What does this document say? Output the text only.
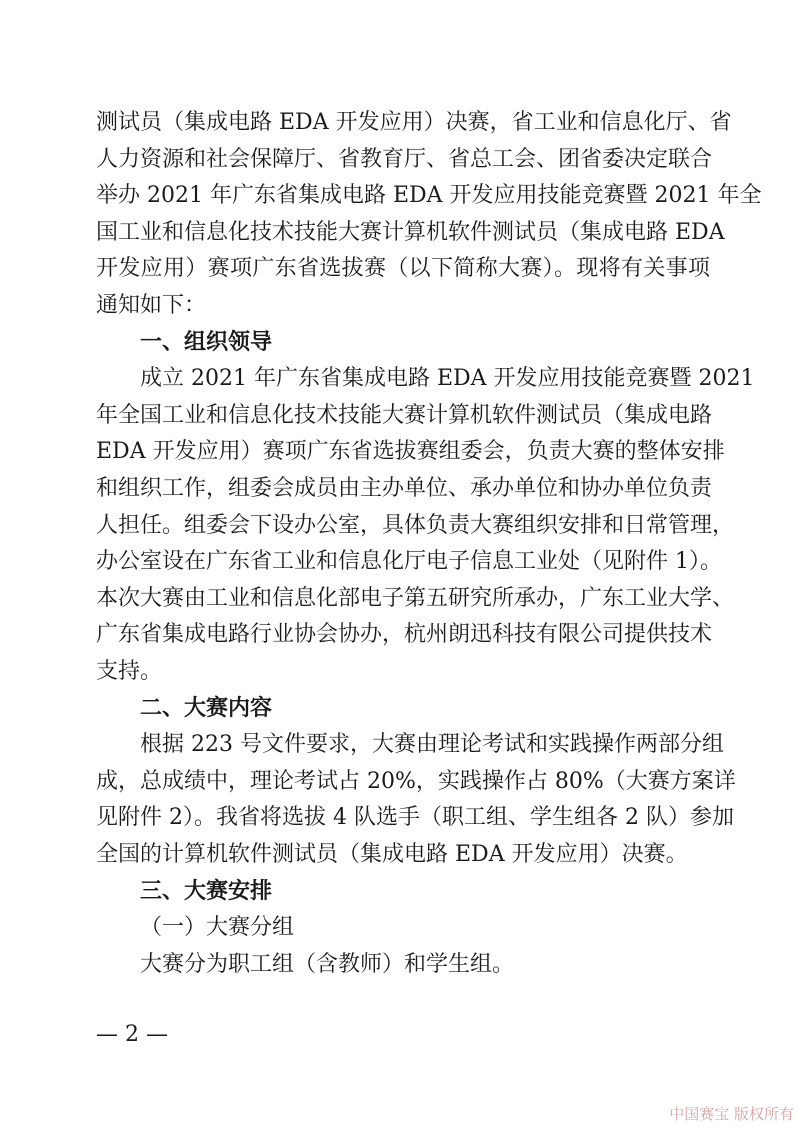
测试员（集成电路 EDA 开发应用）决赛，省工业和信息化厅、省
人力资源和社会保障厅、省教育厅、省总工会、团省委决定联合
举办 2021 年广东省集成电路 EDA 开发应用技能竞赛暨 2021 年全
国工业和信息化技术技能大赛计算机软件测试员（集成电路 EDA
开发应用）赛项广东省选拔赛（以下简称大赛）。现将有关事项
通知如下：
一、组织领导
成立 2021 年广东省集成电路 EDA 开发应用技能竞赛暨 2021
年全国工业和信息化技术技能大赛计算机软件测试员（集成电路
EDA 开发应用）赛项广东省选拔赛组委会，负责大赛的整体安排
和组织工作，组委会成员由主办单位、承办单位和协办单位负责
人担任。组委会下设办公室，具体负责大赛组织安排和日常管理，
办公室设在广东省工业和信息化厅电子信息工业处（见附件 1）。
本次大赛由工业和信息化部电子第五研究所承办，广东工业大学、
广东省集成电路行业协会协办，杭州朗迅科技有限公司提供技术
支持。
二、大赛内容
根据 223 号文件要求，大赛由理论考试和实践操作两部分组
成，总成绩中，理论考试占 20%，实践操作占 80%（大赛方案详
见附件 2）。我省将选拔 4 队选手（职工组、学生组各 2 队）参加
全国的计算机软件测试员（集成电路 EDA 开发应用）决赛。
三、大赛安排
（一）大赛分组
大赛分为职工组（含教师）和学生组。
— 2 —
中国赛宝 版权所有
